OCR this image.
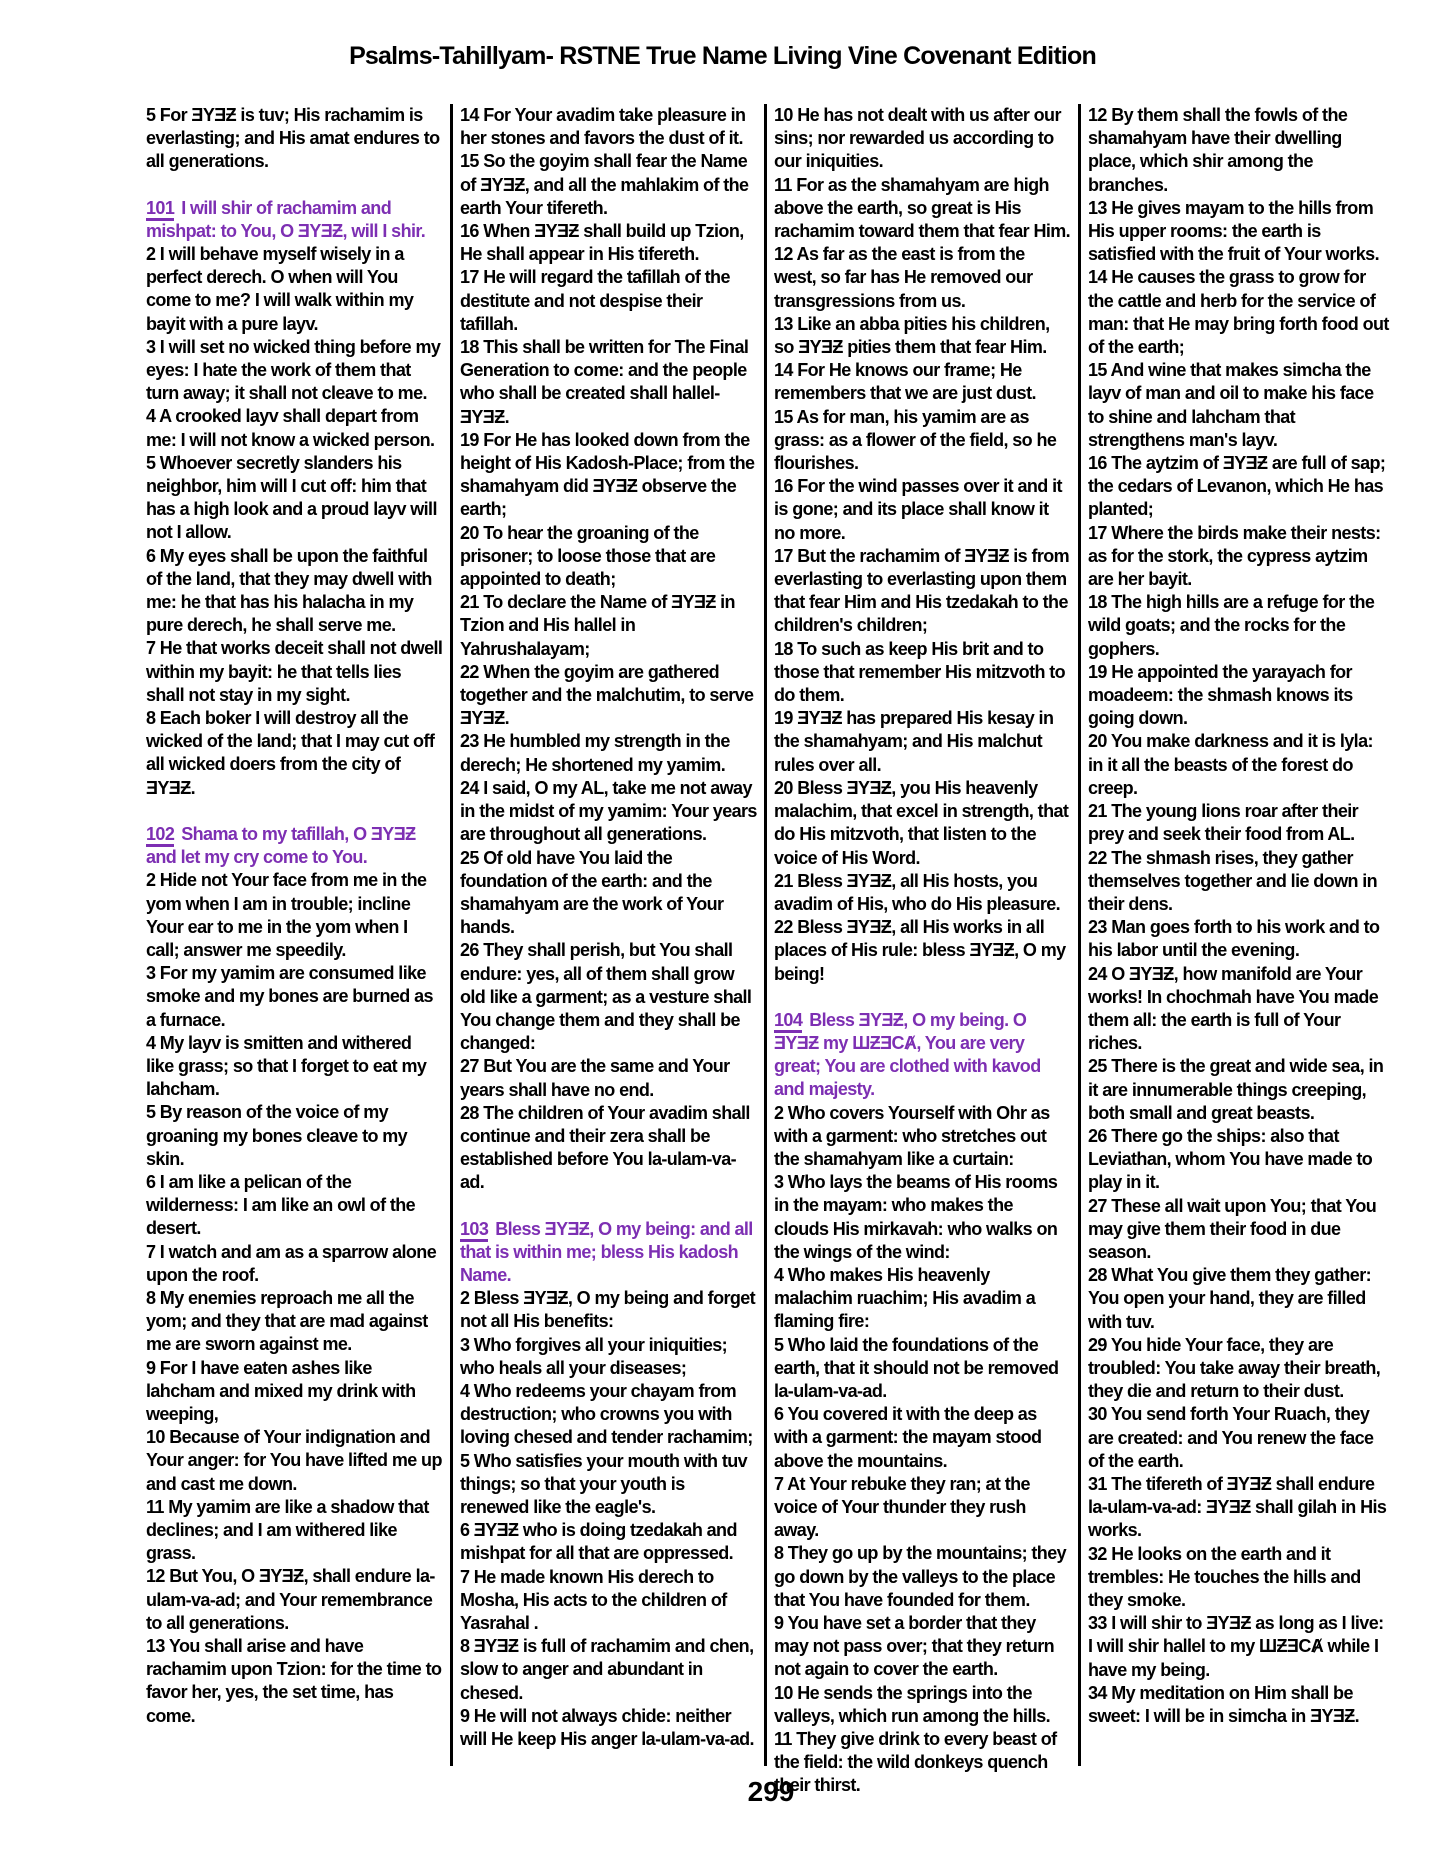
Psalms-Tahillyam- RSTNE True Name Living Vine Covenant Edition

5 For ƎYƎƵ is tuv; His rachamim is everlasting; and His amat endures to all generations.

101 I will shir of rachamim and mishpat: to You, O ƎYƎƵ, will I shir.

2 I will behave myself wisely in a perfect derech. O when will You come to me? I will walk within my bayit with a pure layv.

3 I will set no wicked thing before my eyes: I hate the work of them that turn away; it shall not cleave to me.

4 A crooked layv shall depart from me: I will not know a wicked person.

5 Whoever secretly slanders his neighbor, him will I cut off: him that has a high look and a proud layv will not I allow.

6 My eyes shall be upon the faithful of the land, that they may dwell with me: he that has his halacha in my pure derech, he shall serve me.

7 He that works deceit shall not dwell within my bayit: he that tells lies shall not stay in my sight.

8 Each boker I will destroy all the wicked of the land; that I may cut off all wicked doers from the city of ƎYƎƵ.

102 Shama to my tafillah, O ƎYƎƵ and let my cry come to You.

2 Hide not Your face from me in the yom when I am in trouble; incline Your ear to me in the yom when I call; answer me speedily.

3 For my yamim are consumed like smoke and my bones are burned as a furnace.

4 My layv is smitten and withered like grass; so that I forget to eat my lahcham.

5 By reason of the voice of my groaning my bones cleave to my skin.

6 I am like a pelican of the wilderness: I am like an owl of the desert.

7 I watch and am as a sparrow alone upon the roof.

8 My enemies reproach me all the yom; and they that are mad against me are sworn against me.

9 For I have eaten ashes like lahcham and mixed my drink with weeping,

10 Because of Your indignation and Your anger: for You have lifted me up and cast me down.

11 My yamim are like a shadow that declines; and I am withered like grass.

12 But You, O ƎYƎƵ, shall endure la-ulam-va-ad; and Your remembrance to all generations.

13 You shall arise and have rachamim upon Tzion: for the time to favor her, yes, the set time, has come.

14 For Your avadim take pleasure in her stones and favors the dust of it.

15 So the goyim shall fear the Name of ƎYƎƵ, and all the mahlakim of the earth Your tifereth.

16 When ƎYƎƵ shall build up Tzion, He shall appear in His tifereth.

17 He will regard the tafillah of the destitute and not despise their tafillah.

18 This shall be written for The Final Generation to come: and the people who shall be created shall hallel-ƎYƎƵ.

19 For He has looked down from the height of His Kadosh-Place; from the shamahyam did ƎYƎƵ observe the earth;

20 To hear the groaning of the prisoner; to loose those that are appointed to death;

21 To declare the Name of ƎYƎƵ in Tzion and His hallel in Yahrushalayam;

22 When the goyim are gathered together and the malchutim, to serve ƎYƎƵ.

23 He humbled my strength in the derech; He shortened my yamim.

24 I said, O my AL, take me not away in the midst of my yamim: Your years are throughout all generations.

25 Of old have You laid the foundation of the earth: and the shamahyam are the work of Your hands.

26 They shall perish, but You shall endure: yes, all of them shall grow old like a garment; as a vesture shall You change them and they shall be changed:

27 But You are the same and Your years shall have no end.

28 The children of Your avadim shall continue and their zera shall be established before You la-ulam-va-ad.

103 Bless ƎYƎƵ, O my being: and all that is within me; bless His kadosh Name.

2 Bless ƎYƎƵ, O my being and forget not all His benefits:

3 Who forgives all your iniquities; who heals all your diseases;

4 Who redeems your chayam from destruction; who crowns you with loving chesed and tender rachamim;

5 Who satisfies your mouth with tuv things; so that your youth is renewed like the eagle's.

6 ƎYƎƵ who is doing tzedakah and mishpat for all that are oppressed.

7 He made known His derech to Mosha, His acts to the children of Yasrahal .

8 ƎYƎƵ is full of rachamim and chen, slow to anger and abundant in chesed.

9 He will not always chide: neither will He keep His anger la-ulam-va-ad.

10 He has not dealt with us after our sins; nor rewarded us according to our iniquities.

11 For as the shamahyam are high above the earth, so great is His rachamim toward them that fear Him.

12 As far as the east is from the west, so far has He removed our transgressions from us.

13 Like an abba pities his children, so ƎYƎƵ pities them that fear Him.

14 For He knows our frame; He remembers that we are just dust.

15 As for man, his yamim are as grass: as a flower of the field, so he flourishes.

16 For the wind passes over it and it is gone; and its place shall know it no more.

17 But the rachamim of ƎYƎƵ is from everlasting to everlasting upon them that fear Him and His tzedakah to the children's children;

18 To such as keep His brit and to those that remember His mitzvoth to do them.

19 ƎYƎƵ has prepared His kesay in the shamahyam; and His malchut rules over all.

20 Bless ƎYƎƵ, you His heavenly malachim, that excel in strength, that do His mitzvoth, that listen to the voice of His Word.

21 Bless ƎYƎƵ, all His hosts, you avadim of His, who do His pleasure.

22 Bless ƎYƎƵ, all His works in all places of His rule: bless ƎYƎƵ, O my being!

104 Bless ƎYƎƵ, O my being. O ƎYƎƵ my ШƵƎCȺ, You are very great; You are clothed with kavod and majesty.

2 Who covers Yourself with Ohr as with a garment: who stretches out the shamahyam like a curtain:

3 Who lays the beams of His rooms in the mayam: who makes the clouds His mirkavah: who walks on the wings of the wind:

4 Who makes His heavenly malachim ruachim; His avadim a flaming fire:

5 Who laid the foundations of the earth, that it should not be removed la-ulam-va-ad.

6 You covered it with the deep as with a garment: the mayam stood above the mountains.

7 At Your rebuke they ran; at the voice of Your thunder they rush away.

8 They go up by the mountains; they go down by the valleys to the place that You have founded for them.

9 You have set a border that they may not pass over; that they return not again to cover the earth.

10 He sends the springs into the valleys, which run among the hills.

11 They give drink to every beast of the field: the wild donkeys quench their thirst.

12 By them shall the fowls of the shamahyam have their dwelling place, which shir among the branches.

13 He gives mayam to the hills from His upper rooms: the earth is satisfied with the fruit of Your works.

14 He causes the grass to grow for the cattle and herb for the service of man: that He may bring forth food out of the earth;

15 And wine that makes simcha the layv of man and oil to make his face to shine and lahcham that strengthens man's layv.

16 The aytzim of ƎYƎƵ are full of sap; the cedars of Levanon, which He has planted;

17 Where the birds make their nests: as for the stork, the cypress aytzim are her bayit.

18 The high hills are a refuge for the wild goats; and the rocks for the gophers.

19 He appointed the yarayach for moadeem: the shmash knows its going down.

20 You make darkness and it is lyla: in it all the beasts of the forest do creep.

21 The young lions roar after their prey and seek their food from AL.

22 The shmash rises, they gather themselves together and lie down in their dens.

23 Man goes forth to his work and to his labor until the evening.

24 O ƎYƎƵ, how manifold are Your works! In chochmah have You made them all: the earth is full of Your riches.

25 There is the great and wide sea, in it are innumerable things creeping, both small and great beasts.

26 There go the ships: also that Leviathan, whom You have made to play in it.

27 These all wait upon You; that You may give them their food in due season.

28 What You give them they gather: You open your hand, they are filled with tuv.

29 You hide Your face, they are troubled: You take away their breath, they die and return to their dust.

30 You send forth Your Ruach, they are created: and You renew the face of the earth.

31 The tifereth of ƎYƎƵ shall endure la-ulam-va-ad: ƎYƎƵ shall gilah in His works.

32 He looks on the earth and it trembles: He touches the hills and they smoke.

33 I will shir to ƎYƎƵ as long as I live: I will shir hallel to my ШƵƎCȺ while I have my being.

34 My meditation on Him shall be sweet: I will be in simcha in ƎYƎƵ.

299
